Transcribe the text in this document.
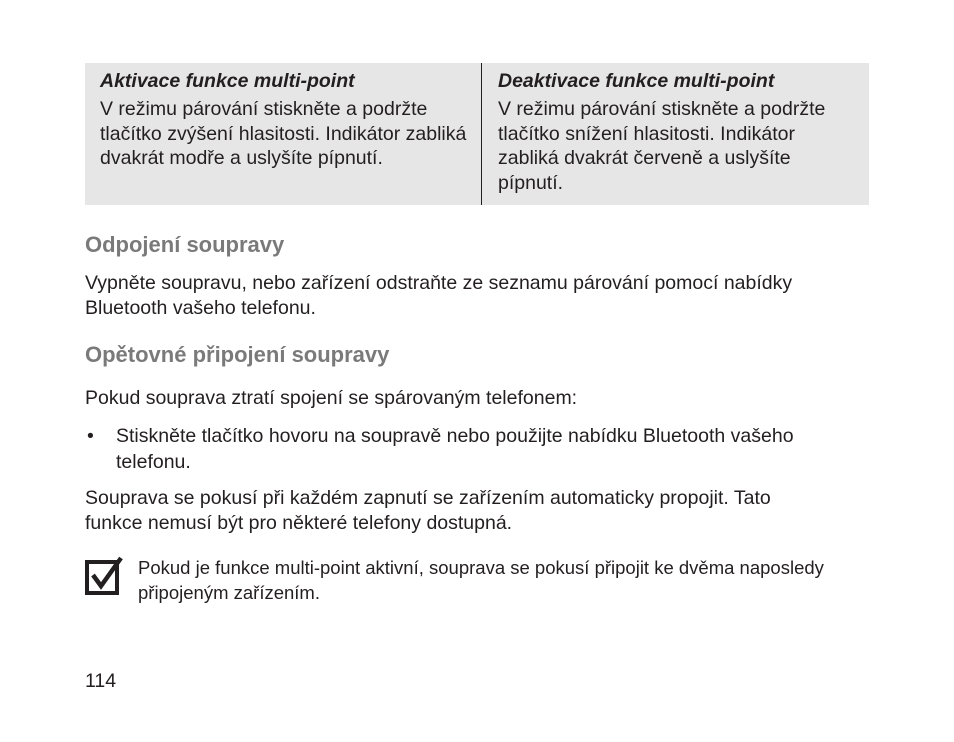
Aktivace funkce multi-point

V režimu párování stiskněte a podržte tlačítko zvýšení hlasitosti. Indikátor zabliká dvakrát modře a uslyšíte pípnutí.

Deaktivace funkce multi-point

V režimu párování stiskněte a podržte tlačítko snížení hlasitosti. Indikátor zabliká dvakrát červeně a uslyšíte pípnutí.

Odpojení soupravy

Vypněte soupravu, nebo zařízení odstraňte ze seznamu párování pomocí nabídky Bluetooth vašeho telefonu.

Opětovné připojení soupravy

Pokud souprava ztratí spojení se spárovaným telefonem:

•	Stiskněte tlačítko hovoru na soupravě nebo použijte nabídku Bluetooth vašeho telefonu.

Souprava se pokusí při každém zapnutí se zařízením automaticky propojit. Tato funkce nemusí být pro některé telefony dostupná.

Pokud je funkce multi-point aktivní, souprava se pokusí připojit ke dvěma naposledy připojeným zařízením.

114
